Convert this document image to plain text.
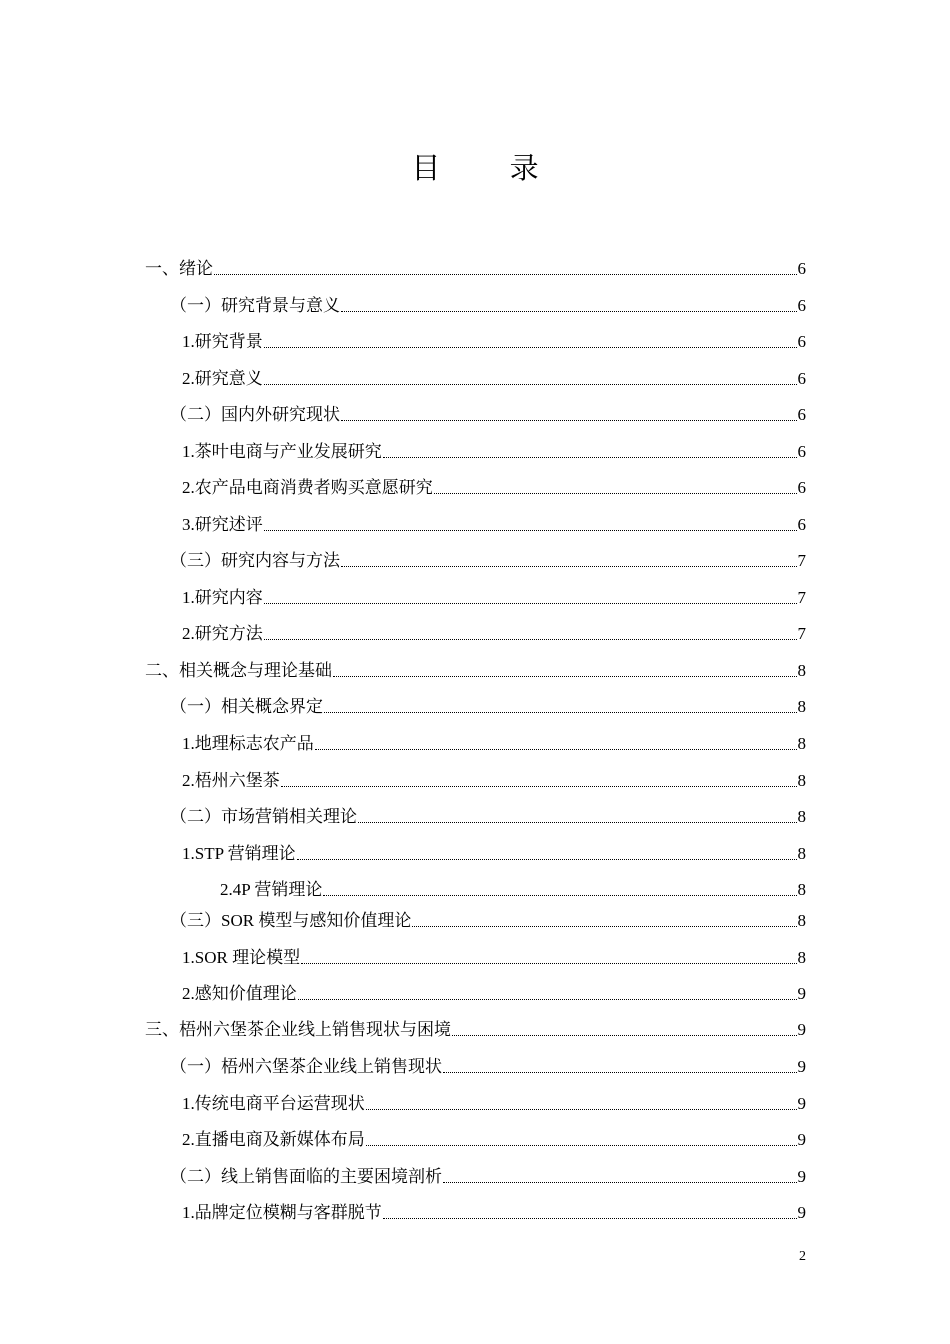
目 录
一、绪论	6
（一）研究背景与意义	6
1.研究背景	6
2.研究意义	6
（二）国内外研究现状	6
1.茶叶电商与产业发展研究	6
2.农产品电商消费者购买意愿研究	6
3.研究述评	6
（三）研究内容与方法	7
1.研究内容	7
2.研究方法	7
二、相关概念与理论基础	8
（一）相关概念界定	8
1.地理标志农产品	8
2.梧州六堡茶	8
（二）市场营销相关理论	8
1.STP 营销理论	8
2.4P 营销理论	8
（三）SOR 模型与感知价值理论	8
1.SOR 理论模型	8
2.感知价值理论	9
三、梧州六堡茶企业线上销售现状与困境	9
（一）梧州六堡茶企业线上销售现状	9
1.传统电商平台运营现状	9
2.直播电商及新媒体布局	9
（二）线上销售面临的主要困境剖析	9
1.品牌定位模糊与客群脱节	9
2
